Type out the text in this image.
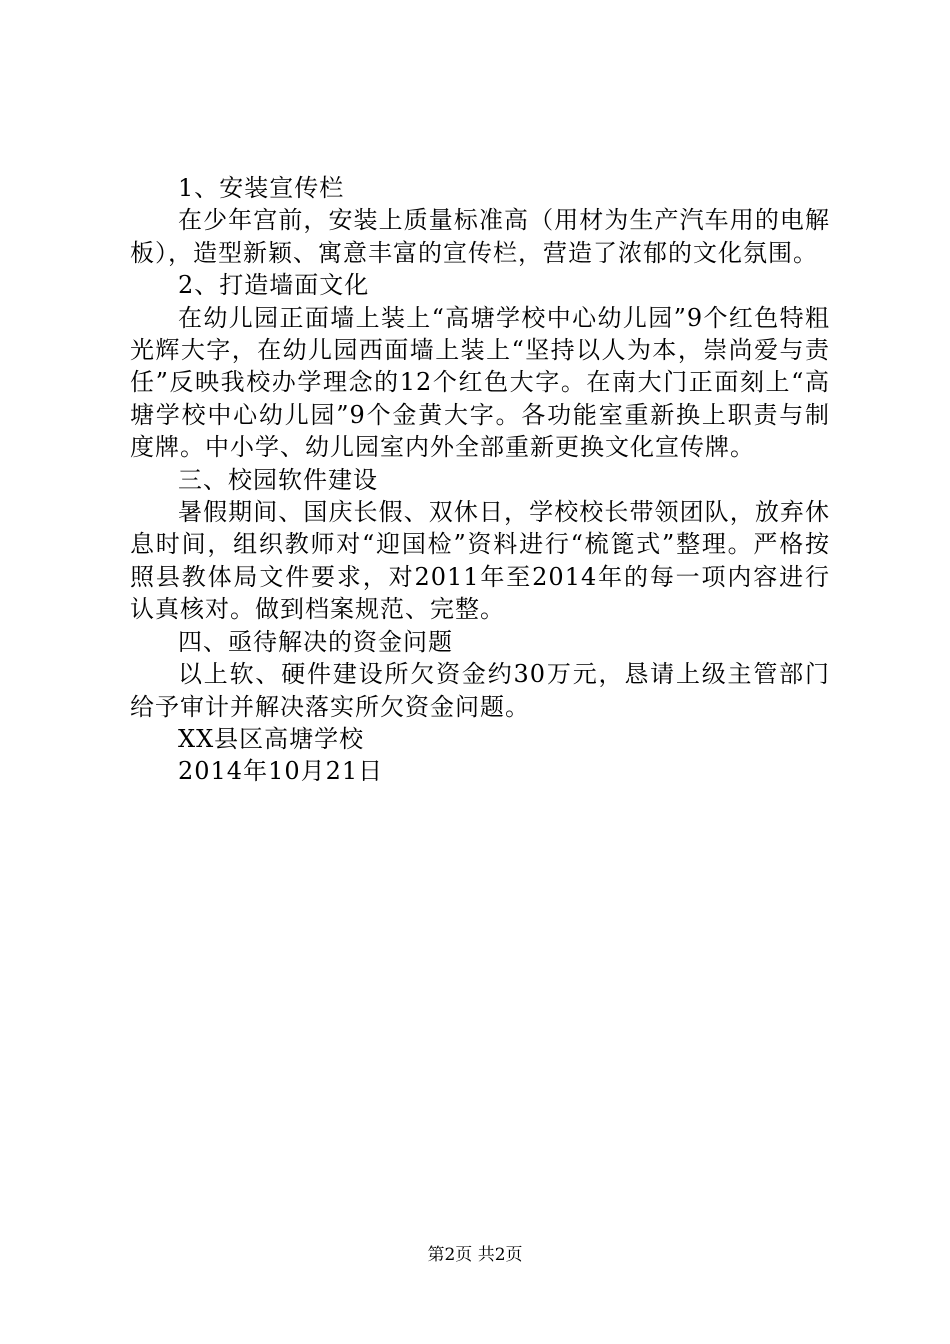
1、安装宣传栏

在少年宫前，安装上质量标准高（用材为生产汽车用的电解板），造型新颖、寓意丰富的宣传栏，营造了浓郁的文化氛围。

2、打造墙面文化

在幼儿园正面墙上装上“高塘学校中心幼儿园”9个红色特粗光辉大字，在幼儿园西面墙上装上“坚持以人为本，崇尚爱与责任”反映我校办学理念的12个红色大字。在南大门正面刻上“高塘学校中心幼儿园”9个金黄大字。各功能室重新换上职责与制度牌。中小学、幼儿园室内外全部重新更换文化宣传牌。

三、校园软件建设

暑假期间、国庆长假、双休日，学校校长带领团队，放弃休息时间，组织教师对“迎国检”资料进行“梳篦式”整理。严格按照县教体局文件要求，对2011年至2014年的每一项内容进行认真核对。做到档案规范、完整。

四、亟待解决的资金问题

以上软、硬件建设所欠资金约30万元，恳请上级主管部门给予审计并解决落实所欠资金问题。

XX县区高塘学校

2014年10月21日

第2页 共2页
